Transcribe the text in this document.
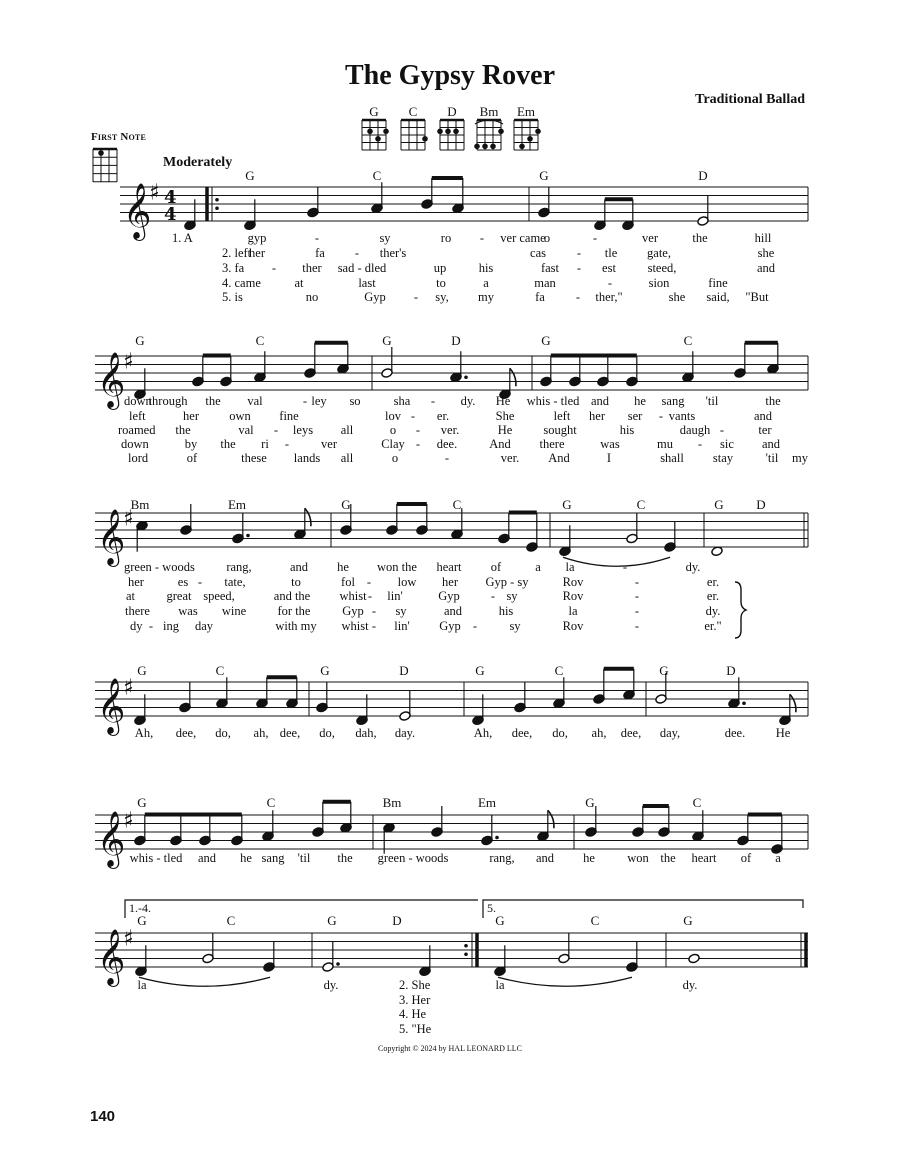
The Gypsy Rover
Traditional Ballad
First Note
Moderately
Copyright © 2024 by HAL LEONARD LLC
140
G	C	D	Bm	Em
𝄞
♯ 4
4
𝄞
♯
𝄞
♯
𝄞
♯
𝄞
♯
𝄞
♯
G	C	G	D
1. A	gyp	-	sy	ro - ver came
o	-	ver	the	hill
2. left
her	fa - ther's	cas - tle gate,	she
3. fa - ther sad - dled	up	his	fast - est	steed,	and
4. came	at	last	to	a	man	-	sion	fine
5. is	no	Gyp - sy, my	fa - ther,"	she said, "But
G	C	G	D	G	C
down
through the val	- ley so	sha - dy. He whis - tled and he sang 'til	the
left	her own fine	lov - er.	She	left her ser - vants	and
roamed the	val - leys all	o - ver.	He sought	his	daugh -	ter
down	by the ri -	ver	Clay - dee.	And there	was	mu - sic and
lord	of	these lands all	o	-	ver. And	I	shall stay	'til my
Bm	Em	G	C	G	C	G	D
green - woods	rang,	and he won the heart of	a la	-	dy.
her	es - tate,	to	fol - low her Gyp - sy	Rov	-	er.
at	great speed,	and the whist - lin'	Gyp - sy	Rov	-	er.
there was wine	for the	Gyp - sy	and	his	la	-	dy.
dy - ing day	with my whist - lin' Gyp -	sy	Rov	-	er."
G	C	G	D	G	C	G	D
Ah, dee, do, ah, dee, do, dah, day.	Ah, dee, do, ah, dee, day,	dee. He
G	C	Bm	Em	G	C
whis - tled and he sang 'til the green - woods	rang, and he	won the heart of a
1.-4.	5.
G	C	G	D	G	C	G
la	-	dy.	la	-	dy.
2. She
3. Her
4. He
5. "He
